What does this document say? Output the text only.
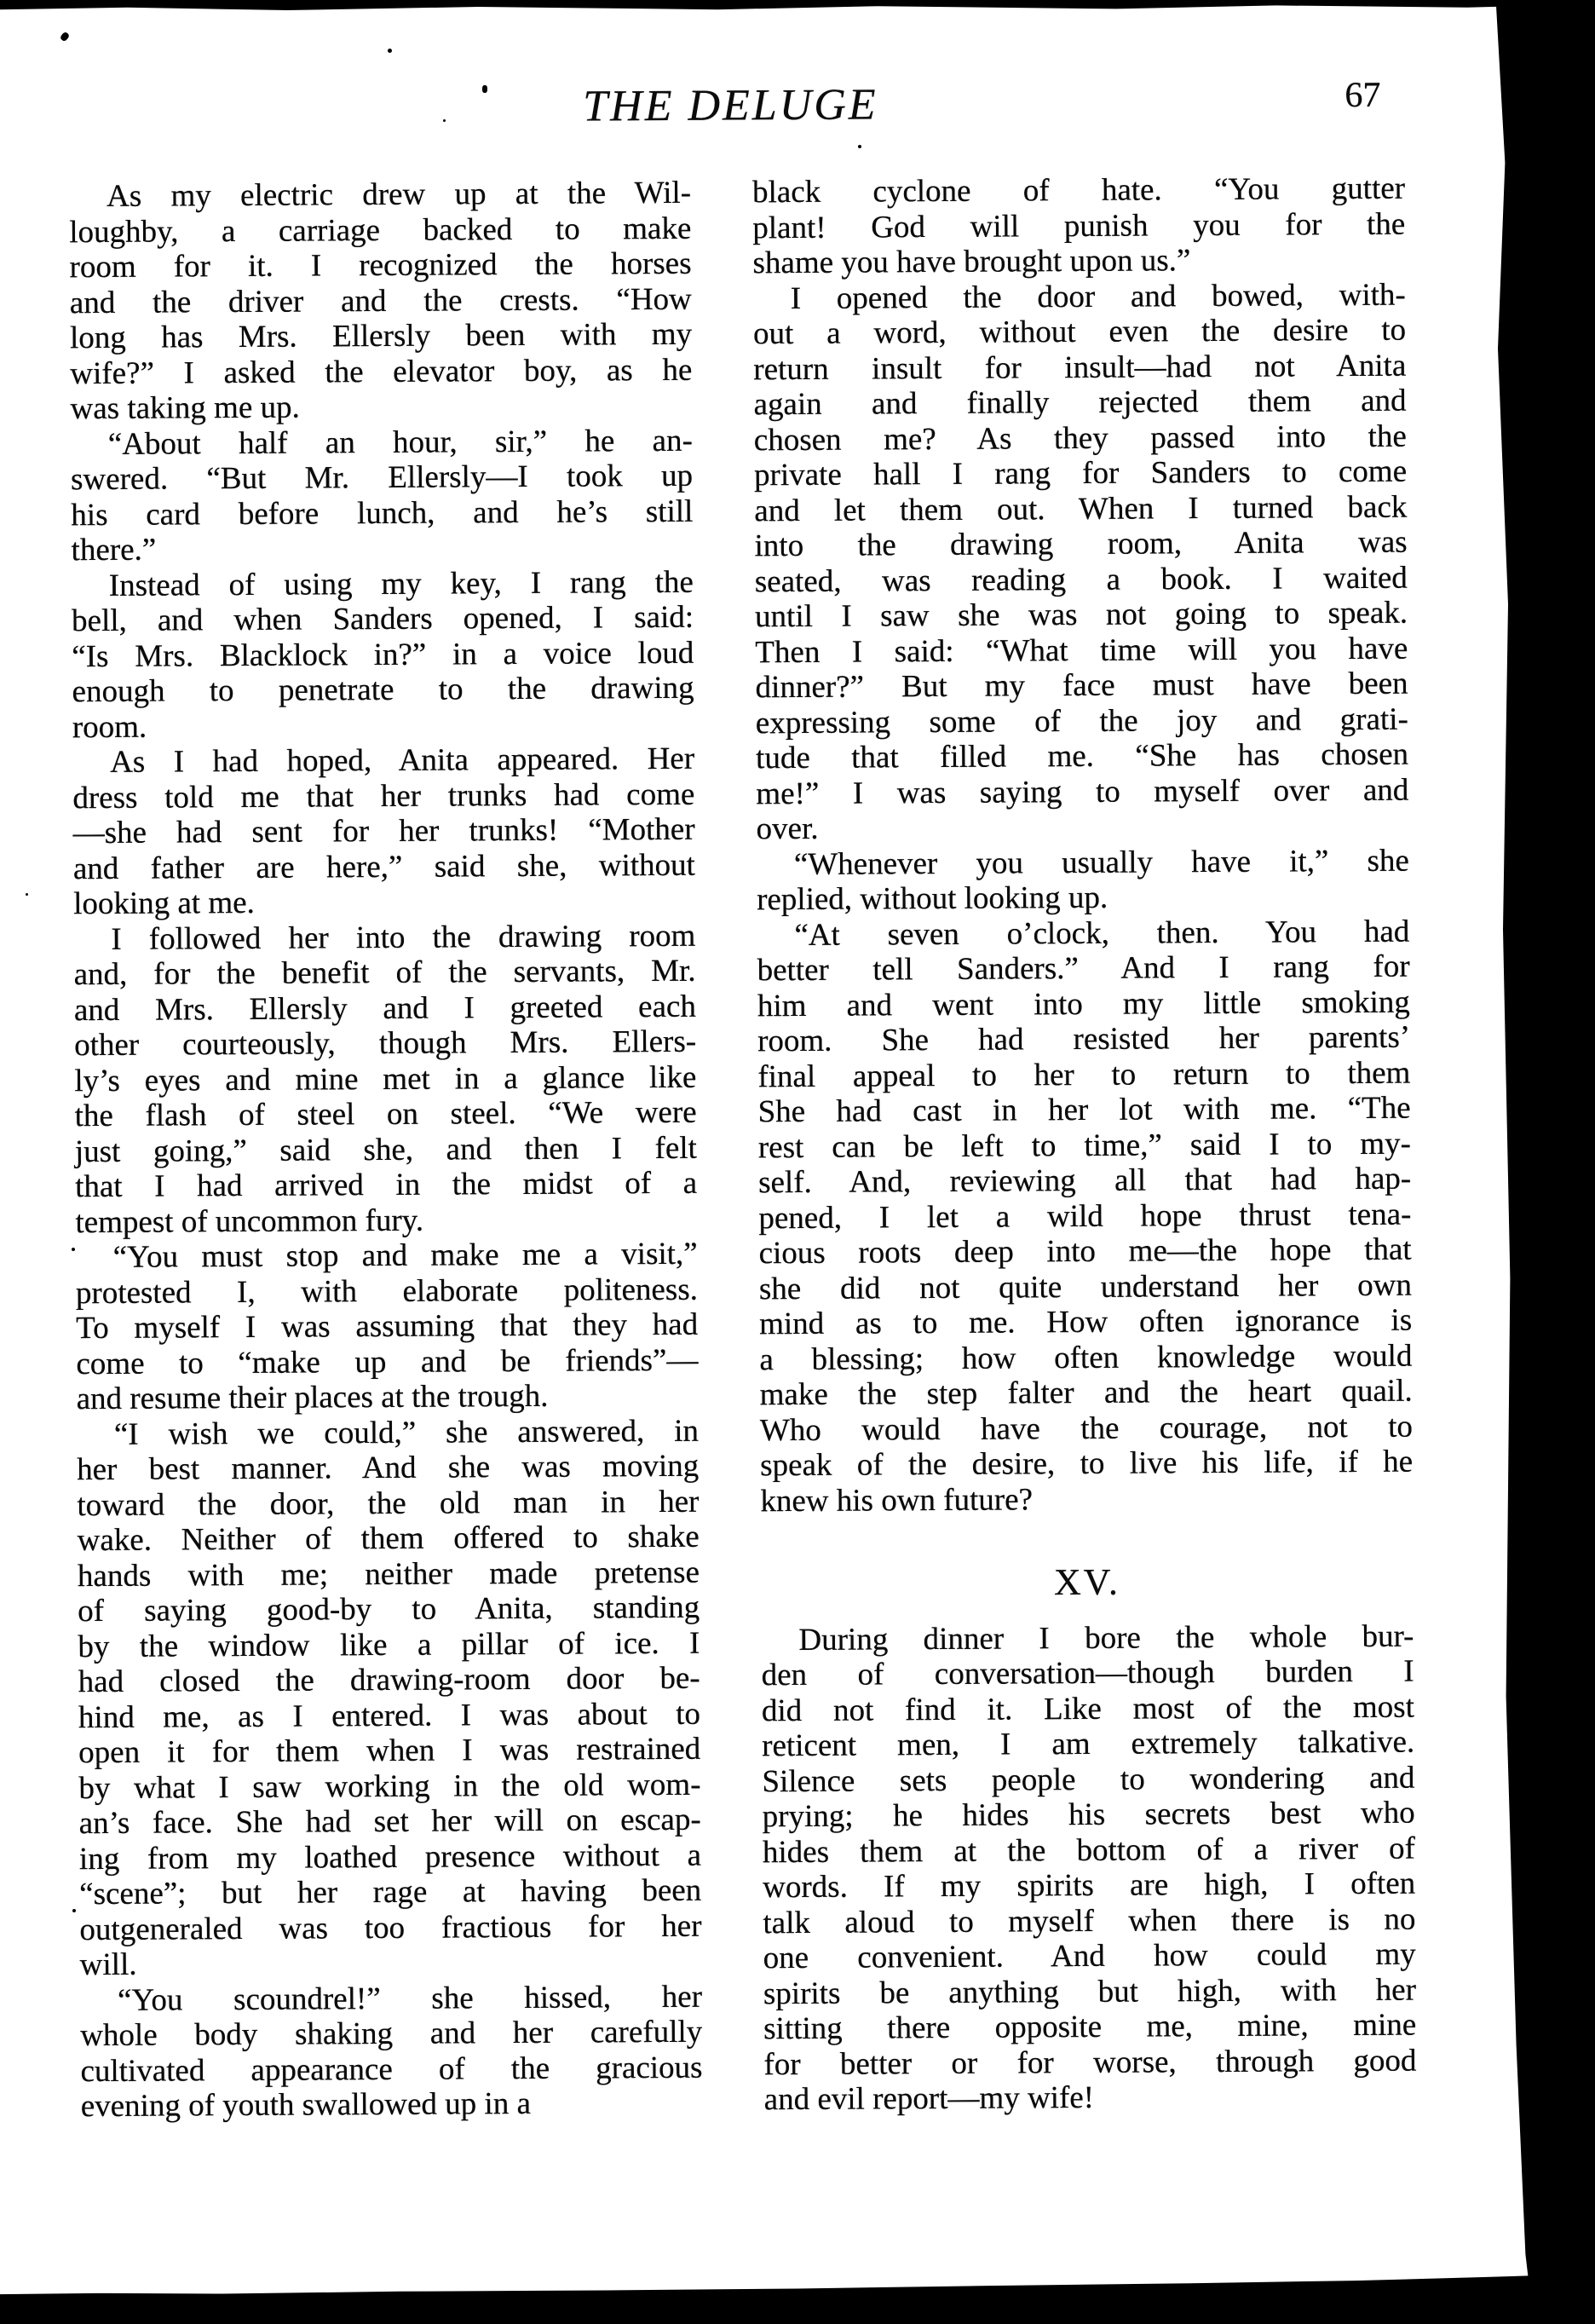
THE DELUGE	67
As my electric drew up at the Wil-
loughby, a carriage backed to make
room for it. I recognized the horses
and the driver and the crests. “How
long has Mrs. Ellersly been with my
wife?” I asked the elevator boy, as he
was taking me up.
“About half an hour, sir,” he an-
swered. “But Mr. Ellersly—I took up
his card before lunch, and he’s still
there.”
Instead of using my key, I rang the
bell, and when Sanders opened, I said:
“Is Mrs. Blacklock in?” in a voice loud
enough to penetrate to the drawing
room.
As I had hoped, Anita appeared. Her
dress told me that her trunks had come
—she had sent for her trunks! “Mother
and father are here,” said she, without
looking at me.
I followed her into the drawing room
and, for the benefit of the servants, Mr.
and Mrs. Ellersly and I greeted each
other courteously, though Mrs. Ellers-
ly’s eyes and mine met in a glance like
the flash of steel on steel. “We were
just going,” said she, and then I felt
that I had arrived in the midst of a
tempest of uncommon fury.
“You must stop and make me a visit,”
protested I, with elaborate politeness.
To myself I was assuming that they had
come to “make up and be friends”—
and resume their places at the trough.
“I wish we could,” she answered, in
her best manner. And she was moving
toward the door, the old man in her
wake. Neither of them offered to shake
hands with me; neither made pretense
of saying good-by to Anita, standing
by the window like a pillar of ice. I
had closed the drawing-room door be-
hind me, as I entered. I was about to
open it for them when I was restrained
by what I saw working in the old wom-
an’s face. She had set her will on escap-
ing from my loathed presence without a
“scene”; but her rage at having been
outgeneraled was too fractious for her
will.
“You scoundrel!” she hissed, her
whole body shaking and her carefully
cultivated appearance of the gracious
evening of youth swallowed up in a
black cyclone of hate. “You gutter
plant! God will punish you for the
shame you have brought upon us.”
I opened the door and bowed, with-
out a word, without even the desire to
return insult for insult—had not Anita
again and finally rejected them and
chosen me? As they passed into the
private hall I rang for Sanders to come
and let them out. When I turned back
into the drawing room, Anita was
seated, was reading a book. I waited
until I saw she was not going to speak.
Then I said: “What time will you have
dinner?” But my face must have been
expressing some of the joy and grati-
tude that filled me. “She has chosen
me!” I was saying to myself over and
over.
“Whenever you usually have it,” she
replied, without looking up.
“At seven o’clock, then. You had
better tell Sanders.” And I rang for
him and went into my little smoking
room. She had resisted her parents’
final appeal to her to return to them
She had cast in her lot with me. “The
rest can be left to time,” said I to my-
self. And, reviewing all that had hap-
pened, I let a wild hope thrust tena-
cious roots deep into me—the hope that
she did not quite understand her own
mind as to me. How often ignorance is
a blessing; how often knowledge would
make the step falter and the heart quail.
Who would have the courage, not to
speak of the desire, to live his life, if he
knew his own future?
XV.
During dinner I bore the whole bur-
den of conversation—though burden I
did not find it. Like most of the most
reticent men, I am extremely talkative.
Silence sets people to wondering and
prying; he hides his secrets best who
hides them at the bottom of a river of
words. If my spirits are high, I often
talk aloud to myself when there is no
one convenient. And how could my
spirits be anything but high, with her
sitting there opposite me, mine, mine
for better or for worse, through good
and evil report—my wife!
